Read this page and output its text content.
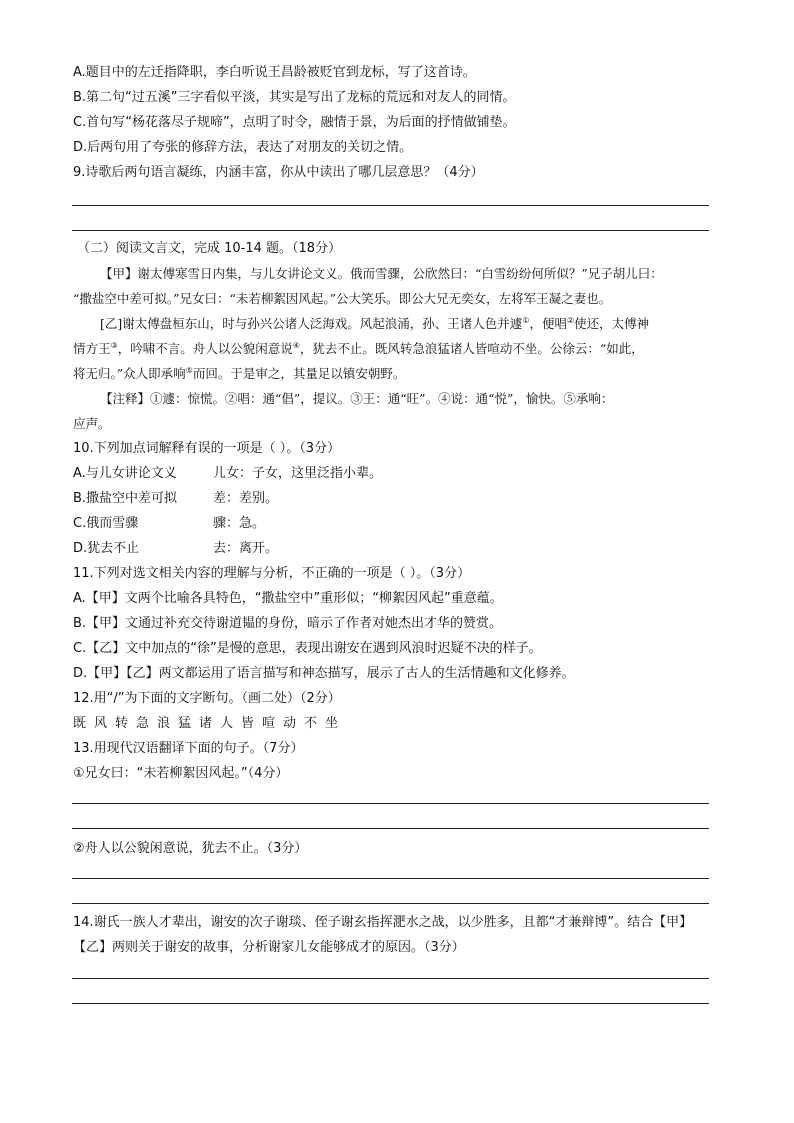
A.题目中的左迁指降职，李白听说王昌龄被贬官到龙标，写了这首诗。
B.第二句“过五溪”三字看似平淡，其实是写出了龙标的荒远和对友人的同情。
C.首句写“杨花落尽子规啼”，点明了时令，融情于景，为后面的抒情做铺垫。
D.后两句用了夸张的修辞方法，表达了对朋友的关切之情。
9.诗歌后两句语言凝练，内涵丰富，你从中读出了哪几层意思？（4分）
（二）阅读文言文，完成 10-14 题。（18分）
【甲】谢太傅寒雪日内集，与儿女讲论文义。俄而雪骤，公欣然曰：“白雪纷纷何所似？”兄子胡儿曰：
“撒盐空中差可拟。”兄女曰：“未若柳絮因风起。”公大笑乐。即公大兄无奕女，左将军王凝之妻也。
[乙]谢太傅盘桓东山，时与孙兴公诸人泛海戏。风起浪涌，孙、王诸人色并遽①，便唱②使还，太傅神
情方王③，吟啸不言。舟人以公貌闲意说④，犹去不止。既风转急浪猛诸人皆喧动不坐。公徐云：“如此，
将无归。”众人即承响⑤而回。于是审之，其量足以镇安朝野。
【注释】①遽：惊慌。②唱：通“倡”，提议。③王：通“旺”。④说：通“悦”，愉快。⑤承响：
应声。
10.下列加点词解释有误的一项是（ ）。（3分）
A.与儿女讲论文义	儿女：子女，这里泛指小辈。
B.撒盐空中差可拟	差：差别。
C.俄而雪骤	骤：急。
D.犹去不止	去：离开。
11.下列对选文相关内容的理解与分析，不正确的一项是（ ）。（3分）
A.【甲】文两个比喻各具特色，“撒盐空中”重形似；“柳絮因风起”重意蕴。
B.【甲】文通过补充交待谢道韫的身份，暗示了作者对她杰出才华的赞赏。
C.【乙】文中加点的“徐”是慢的意思，表现出谢安在遇到风浪时迟疑不决的样子。
D.【甲】【乙】两文都运用了语言描写和神态描写，展示了古人的生活情趣和文化修养。
12.用“/”为下面的文字断句。（画二处）（2分）
既风转急浪猛诸人皆喧动不坐
13.用现代汉语翻译下面的句子。（7分）
①兄女曰：“未若柳絮因风起。”（4分）
②舟人以公貌闲意说，犹去不止。（3分）
14.谢氏一族人才辈出，谢安的次子谢琰、侄子谢玄指挥淝水之战，以少胜多，且都“才兼辩博”。结合【甲】
【乙】两则关于谢安的故事，分析谢家儿女能够成才的原因。（3分）
